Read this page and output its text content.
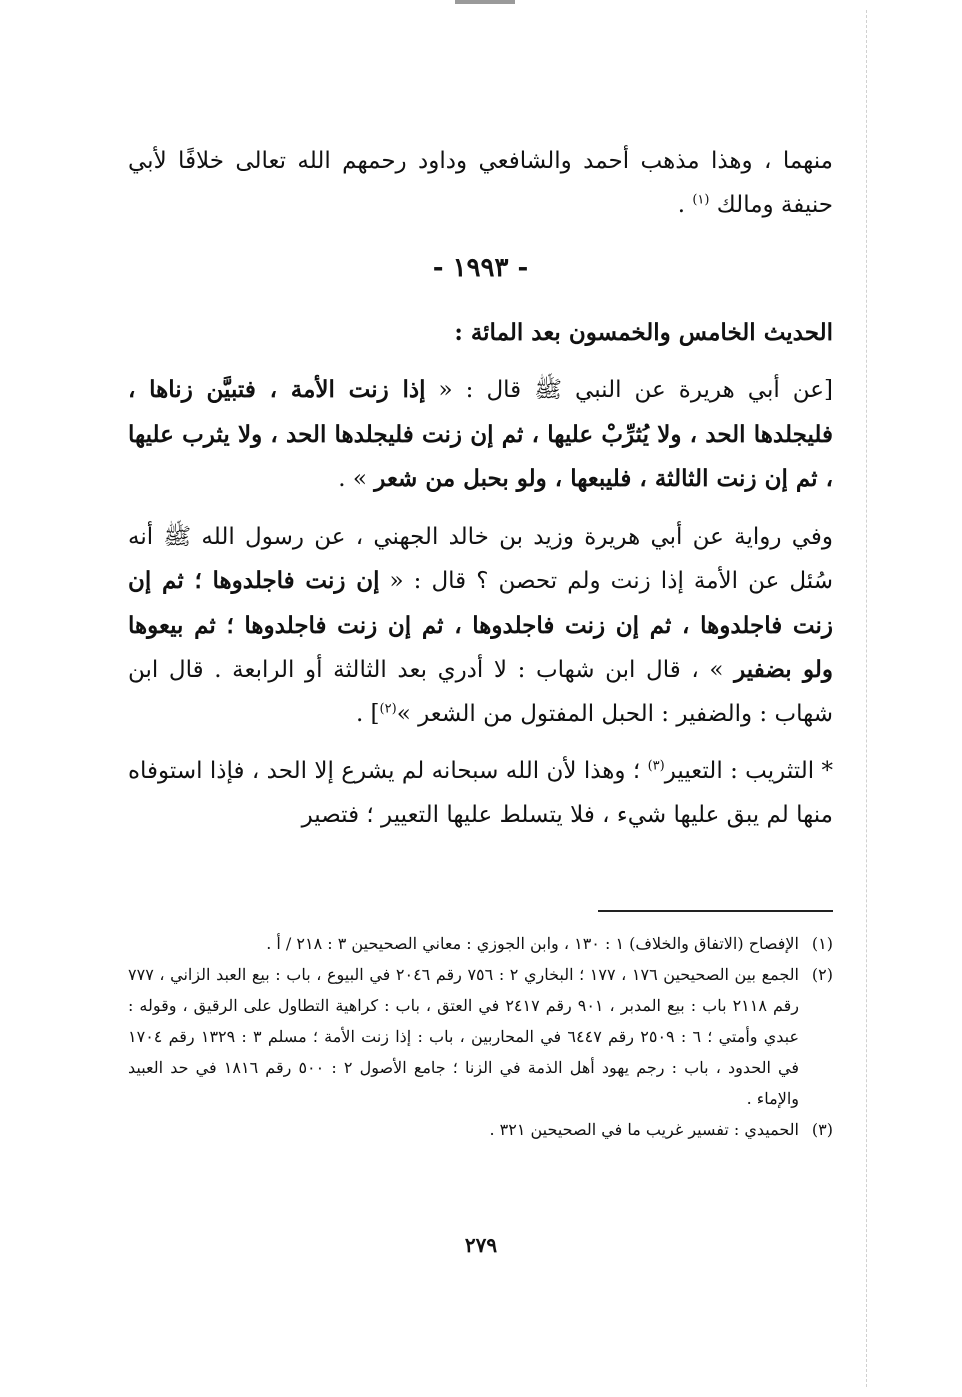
منهما ، وهذا مذهب أحمد والشافعي وداود رحمهم الله تعالى خلافًا لأبي حنيفة ومالك $^{(١)}$ .

- ١٩٩٣ -

الحديث الخامس والخمسون بعد المائة :

[عن أبي هريرة عن النبي ﷺ قال : « إذا زنت الأمة ، فتبيَّن زناها ، فليجلدها الحد ، ولا يُثرِّبْ عليها ، ثم إن زنت فليجلدها الحد ، ولا يثرب عليها ، ثم إن زنت الثالثة ، فليبعها ، ولو بحبل من شعر » .

وفي رواية عن أبي هريرة وزيد بن خالد الجهني ، عن رسول الله ﷺ أنه سُئل عن الأمة إذا زنت ولم تحصن ؟ قال : « إن زنت فاجلدوها ؛ ثم إن زنت فاجلدوها ، ثم إن زنت فاجلدوها ، ثم إن زنت فاجلدوها ؛ ثم بيعوها ولو بضفير » ، قال ابن شهاب : لا أدري بعد الثالثة أو الرابعة . قال ابن شهاب : والضفير : الحبل المفتول من الشعر »$^{(٢)}$] .

* التثريب : التعيير$^{(٣)}$ ؛ وهذا لأن الله سبحانه لم يشرع إلا الحد ، فإذا استوفاه منها لم يبق عليها شيء ، فلا يتسلط عليها التعيير ؛ فتصير

(١)
الإفصاح (الاتفاق والخلاف) ١ : ١٣٠ ، وابن الجوزي : معاني الصحيحين ٣ : ٢١٨ / أ .
(٢)
الجمع بين الصحيحين ١٧٦ ، ١٧٧ ؛ البخاري ٢ : ٧٥٦ رقم ٢٠٤٦ في البيوع ، باب : بيع العبد الزاني ، ٧٧٧ رقم ٢١١٨ باب : بيع المدبر ، ٩٠١ رقم ٢٤١٧ في العتق ، باب : كراهية التطاول على الرقيق ، وقوله : عبدي وأمتي ؛ ٦ : ٢٥٠٩ رقم ٦٤٤٧ في المحاربين ، باب : إذا زنت الأمة ؛ مسلم ٣ : ١٣٢٩ رقم ١٧٠٤ في الحدود ، باب : رجم يهود أهل الذمة في الزنا ؛ جامع الأصول ٢ : ٥٠٠ رقم ١٨١٦ في حد العبيد والإماء .
(٣)
الحميدي : تفسير غريب ما في الصحيحين ٣٢١ .
٢٧٩
